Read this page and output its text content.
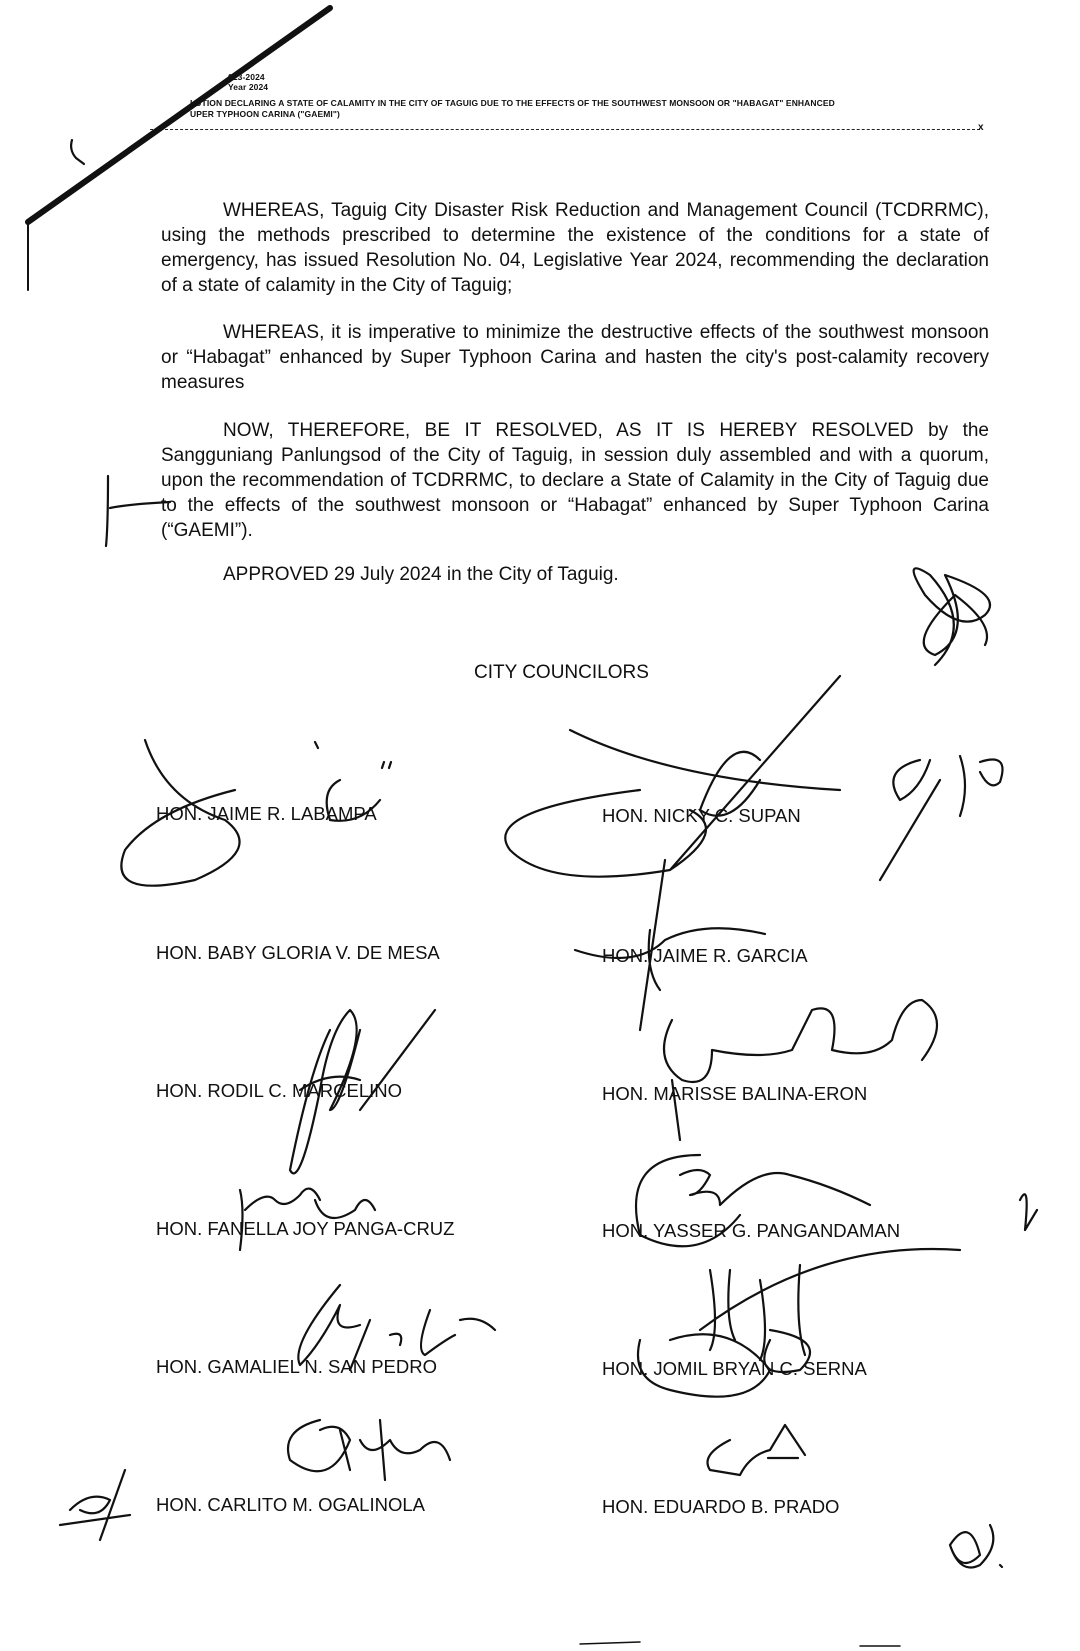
023-2024
Year 2024
LUTION DECLARING A STATE OF CALAMITY IN THE CITY OF TAGUIG DUE TO THE EFFECTS OF THE SOUTHWEST MONSOON OR "HABAGAT" ENHANCED
UPER TYPHOON CARINA ("GAEMI")
x
WHEREAS, Taguig City Disaster Risk Reduction and Management Council (TCDRRMC), using the methods prescribed to determine the existence of the conditions for a state of emergency, has issued Resolution No. 04, Legislative Year 2024, recommending the declaration of a state of calamity in the City of Taguig;
WHEREAS, it is imperative to minimize the destructive effects of the southwest monsoon or “Habagat” enhanced by Super Typhoon Carina and hasten the city's post-calamity recovery measures
NOW, THEREFORE, BE IT RESOLVED, AS IT IS HEREBY RESOLVED by the Sangguniang Panlungsod of the City of Taguig, in session duly assembled and with a quorum, upon the recommendation of TCDRRMC, to declare a State of Calamity in the City of Taguig due to the effects of the southwest monsoon or “Habagat” enhanced by Super Typhoon Carina (“GAEMI”).
APPROVED 29 July 2024 in the City of Taguig.
CITY COUNCILORS
HON. JAIME R. LABAMPA
HON. BABY GLORIA V. DE MESA
HON. RODIL C. MARCELINO
HON. FANELLA JOY PANGA-CRUZ
HON. GAMALIEL N. SAN PEDRO
HON. CARLITO M. OGALINOLA
HON. NICKY C. SUPAN
HON. JAIME R. GARCIA
HON. MARISSE BALINA-ERON
HON. YASSER G. PANGANDAMAN
HON. JOMIL BRYAN C. SERNA
HON. EDUARDO B. PRADO
